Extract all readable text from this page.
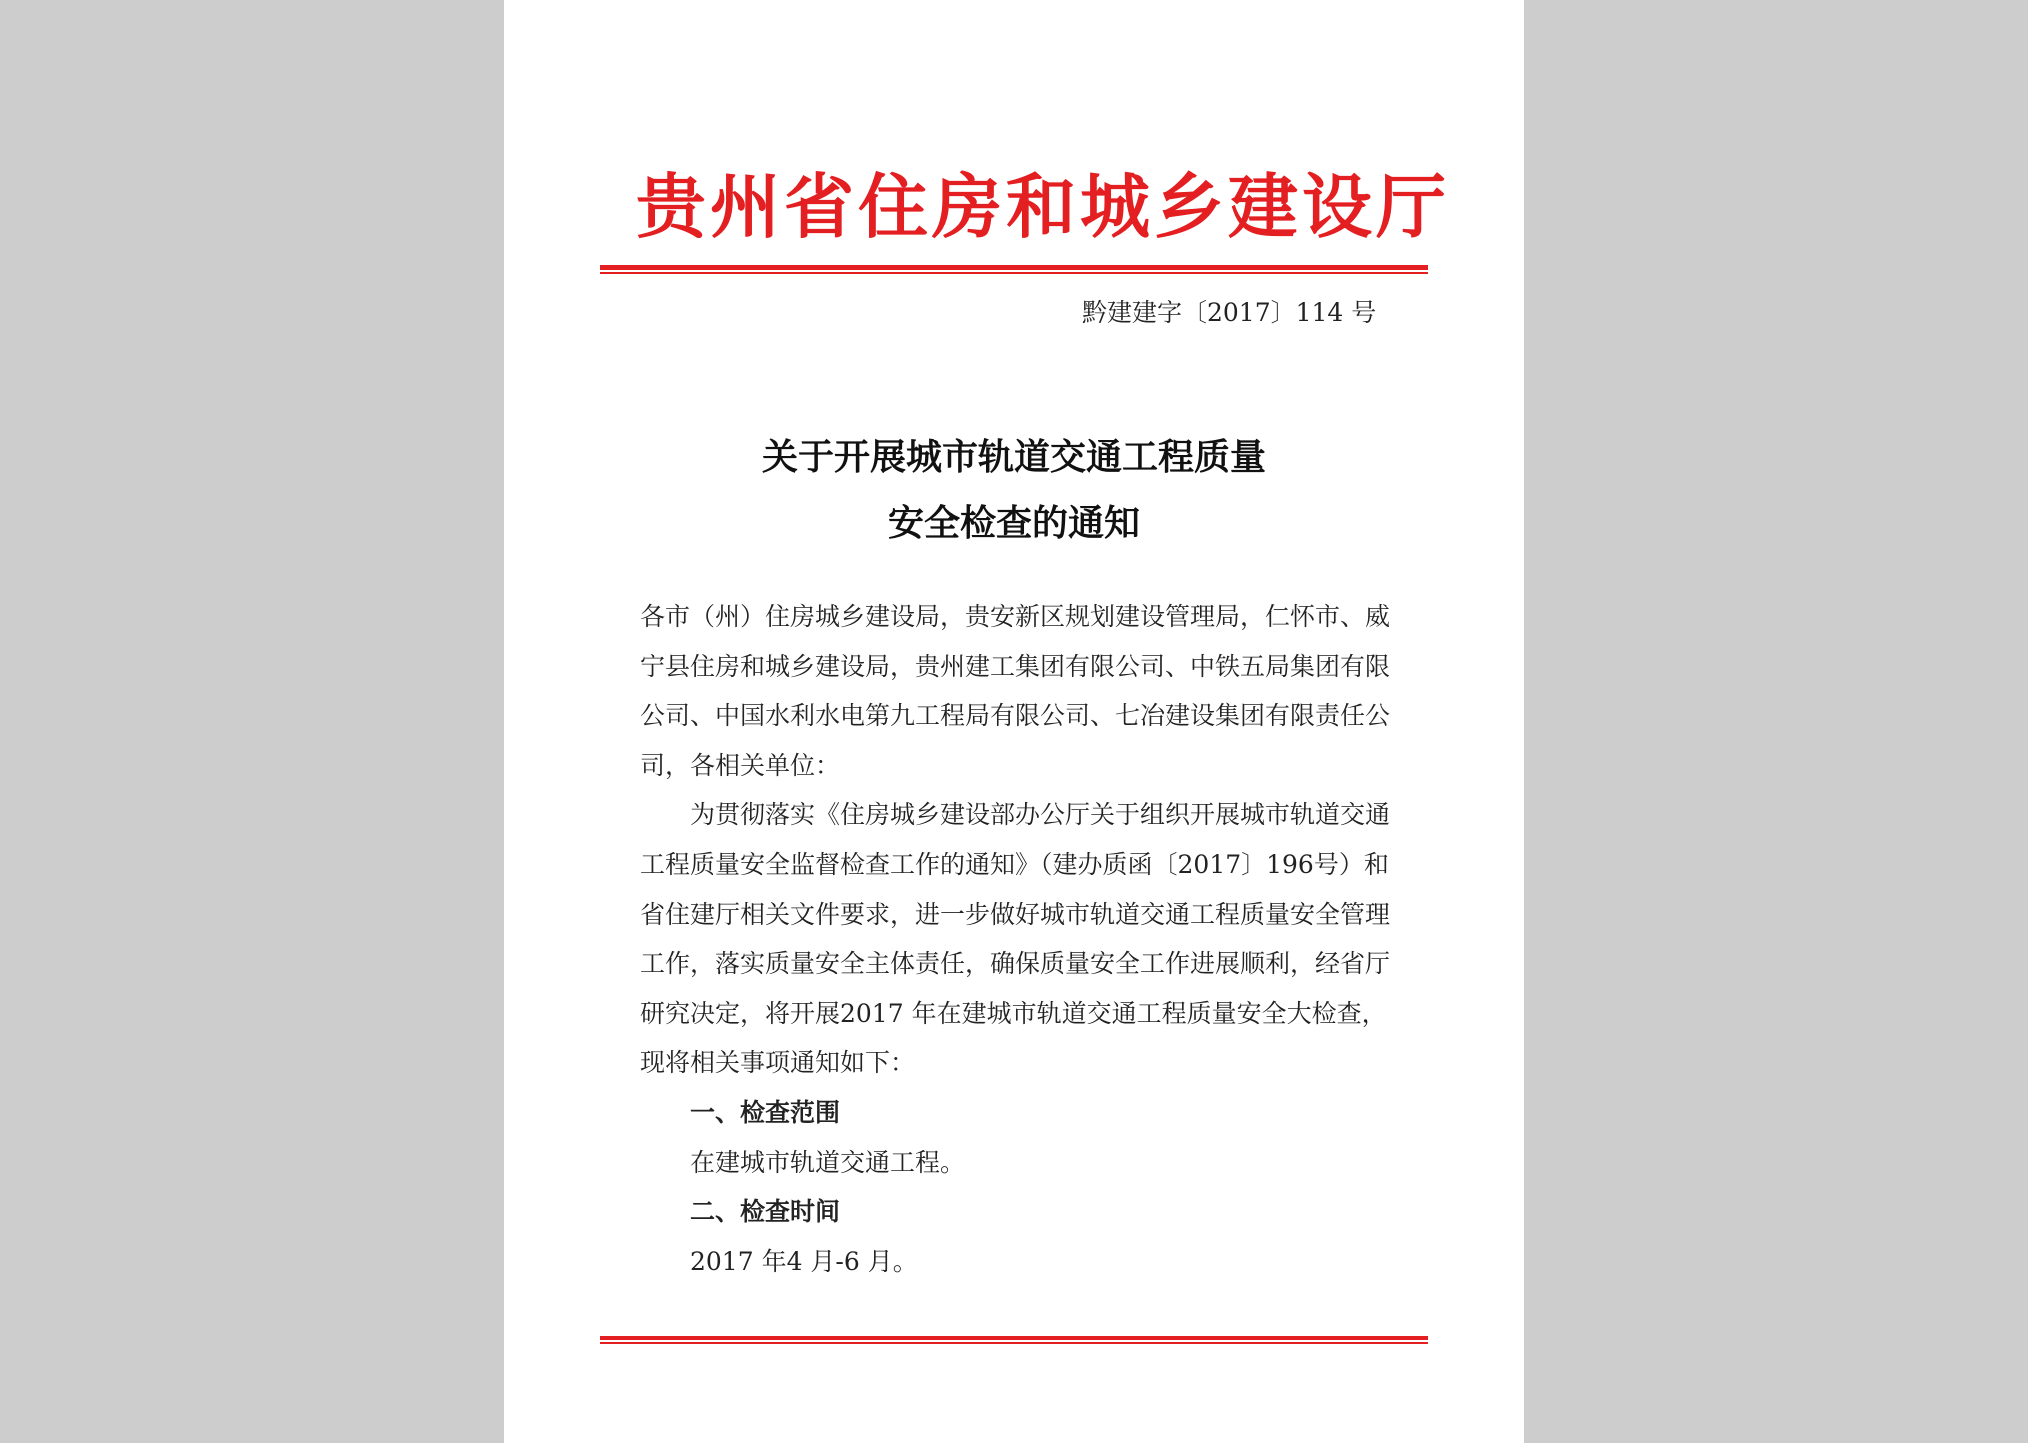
贵州省住房和城乡建设厅
黔建建字〔2017〕114 号
关于开展城市轨道交通工程质量
安全检查的通知

各市（州）住房城乡建设局，贵安新区规划建设管理局，仁怀市、威宁县住房和城乡建设局，贵州建工集团有限公司、中铁五局集团有限公司、中国水利水电第九工程局有限公司、七冶建设集团有限责任公司，各相关单位：

为贯彻落实《住房城乡建设部办公厅关于组织开展城市轨道交通工程质量安全监督检查工作的通知》（建办质函〔2017〕196号）和省住建厅相关文件要求，进一步做好城市轨道交通工程质量安全管理工作，落实质量安全主体责任，确保质量安全工作进展顺利，经省厅研究决定，将开展2017 年在建城市轨道交通工程质量安全大检查，现将相关事项通知如下：

一、检查范围

在建城市轨道交通工程。

二、检查时间

2017 年4 月-6 月。
